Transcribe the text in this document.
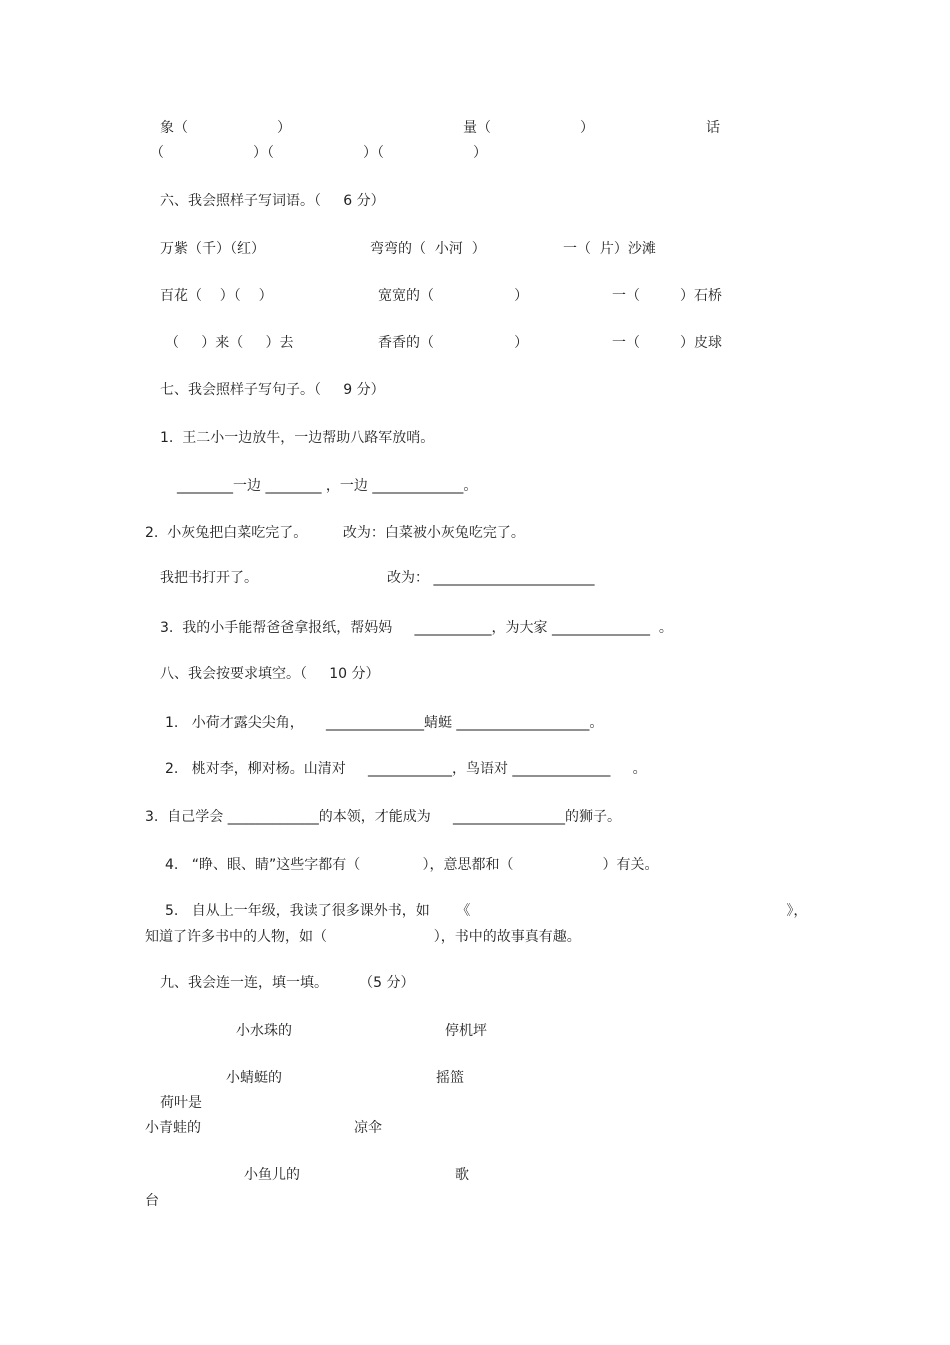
象（                    ）	量（                    ）	话
（                    ）（                    ）（                    ）
六、我会照样子写词语。（     6 分）
万紫（千）（红）	弯弯的（  小河  ）	一（  片）沙滩
百花（    ）（    ）	宽宽的（                  ）	一（         ）石桥
（     ）来（     ）去	香香的（                  ）	一（         ）皮球
七、我会照样子写句子。（     9 分）
1.  王二小一边放牛，一边帮助八路军放哨。
________一边 ________ ，一边 _____________。
2.  小灰兔把白菜吃完了。        改为：白菜被小灰兔吃完了。
我把书打开了。	改为： _______________________
3.  我的小手能帮爸爸拿报纸，帮妈妈     ___________，为大家 ______________  。
八、我会按要求填空。（     10 分）
1.   小荷才露尖尖角，     ______________蜻蜓 ___________________。
2.   桃对李，柳对杨。山清对     ____________，鸟语对 ______________     。
3.  自己学会 _____________的本领，才能成为     ________________的狮子。
4.   “睁、眼、睛”这些字都有（              ），意思都和（                    ）有关。
5.   自从上一年级，我读了很多课外书，如      《                                                                       》，
知道了许多书中的人物，如（                        ），书中的故事真有趣。
九、我会连一连，填一填。       （5 分）
小水珠的	停机坪
小蜻蜓的	摇篮
荷叶是
小青蛙的	凉伞
小鱼儿的	歌
台
